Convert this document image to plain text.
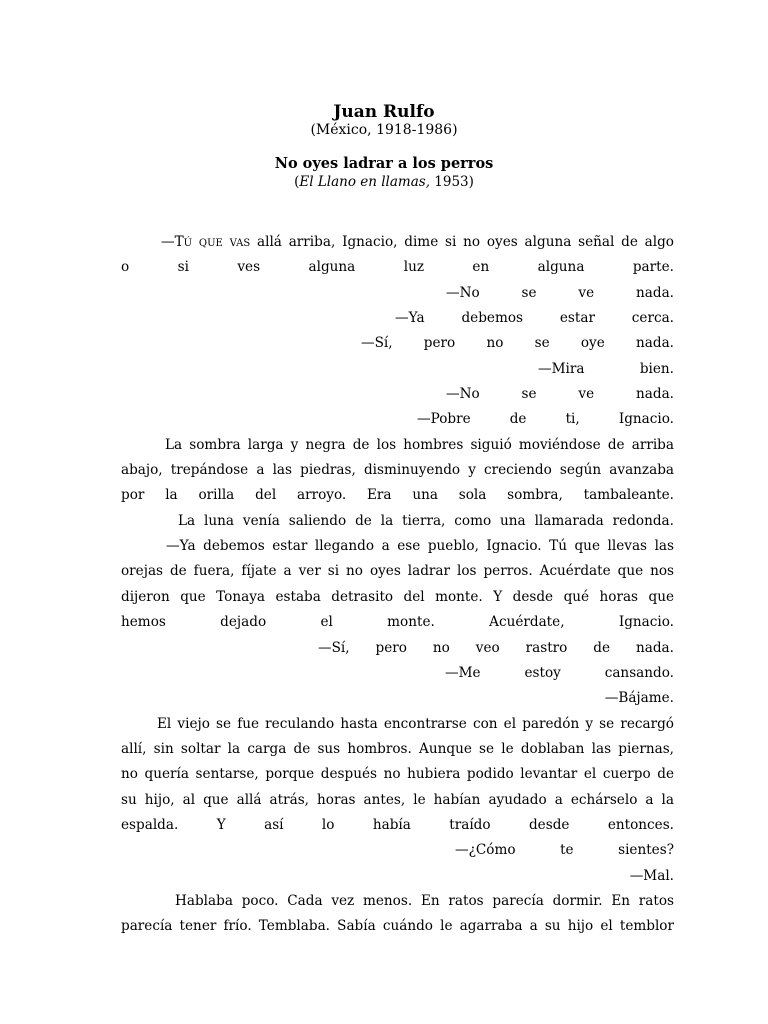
Juan Rulfo
(México, 1918-1986)
No oyes ladrar a los perros
(El Llano en llamas, 1953)
—Tú que vas allá arriba, Ignacio, dime si no oyes alguna señal de algo
o si ves alguna luz en alguna parte.
—No se ve nada.
—Ya debemos estar cerca.
—Sí, pero no se oye nada.
—Mira bien.
—No se ve nada.
—Pobre de ti, Ignacio.
La sombra larga y negra de los hombres siguió moviéndose de arriba
abajo, trepándose a las piedras, disminuyendo y creciendo según avanzaba
por la orilla del arroyo. Era una sola sombra, tambaleante.
La luna venía saliendo de la tierra, como una llamarada redonda.
—Ya debemos estar llegando a ese pueblo, Ignacio. Tú que llevas las
orejas de fuera, fíjate a ver si no oyes ladrar los perros. Acuérdate que nos
dijeron que Tonaya estaba detrasito del monte. Y desde qué horas que
hemos dejado el monte. Acuérdate, Ignacio.
—Sí, pero no veo rastro de nada.
—Me estoy cansando.
—Bájame.
El viejo se fue reculando hasta encontrarse con el paredón y se recargó
allí, sin soltar la carga de sus hombros. Aunque se le doblaban las piernas,
no quería sentarse, porque después no hubiera podido levantar el cuerpo de
su hijo, al que allá atrás, horas antes, le habían ayudado a echárselo a la
espalda. Y así lo había traído desde entonces.
—¿Cómo te sientes?
—Mal.
Hablaba poco. Cada vez menos. En ratos parecía dormir. En ratos
parecía tener frío. Temblaba. Sabía cuándo le agarraba a su hijo el temblor
